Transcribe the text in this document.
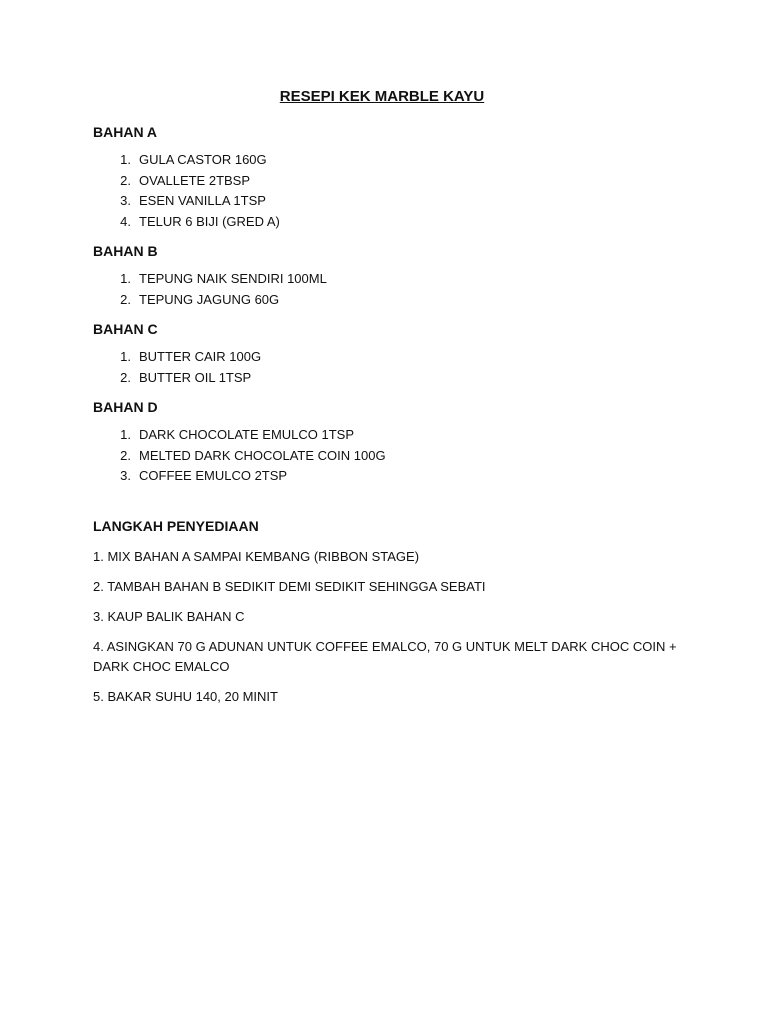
RESEPI KEK MARBLE KAYU
BAHAN A
1. GULA CASTOR 160G
2. OVALLETE 2TBSP
3. ESEN VANILLA 1TSP
4. TELUR 6 BIJI (GRED A)
BAHAN B
1. TEPUNG NAIK SENDIRI 100ML
2. TEPUNG JAGUNG 60G
BAHAN C
1. BUTTER CAIR 100G
2. BUTTER OIL 1TSP
BAHAN D
1. DARK CHOCOLATE EMULCO 1TSP
2. MELTED DARK CHOCOLATE COIN 100G
3. COFFEE EMULCO 2TSP
LANGKAH PENYEDIAAN

1. MIX BAHAN A SAMPAI KEMBANG (RIBBON STAGE)

2. TAMBAH BAHAN B SEDIKIT DEMI SEDIKIT SEHINGGA SEBATI

3. KAUP BALIK BAHAN C

4. ASINGKAN 70 G ADUNAN UNTUK COFFEE EMALCO, 70 G UNTUK MELT DARK CHOC COIN + DARK CHOC EMALCO

5. BAKAR SUHU 140, 20 MINIT
